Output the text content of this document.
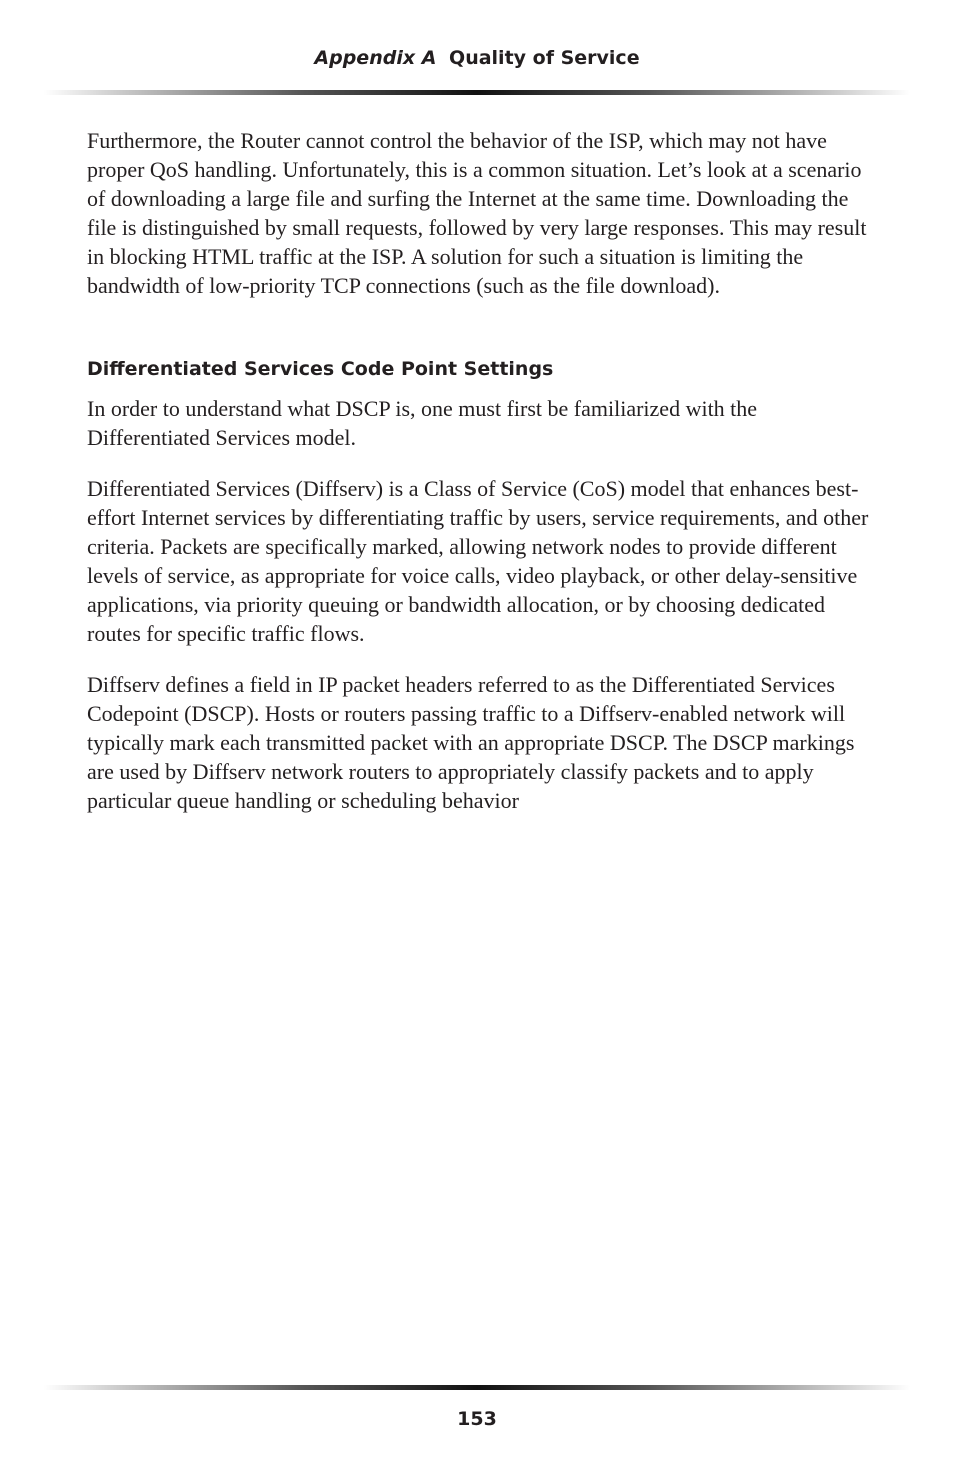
Appendix A Quality of Service

Furthermore, the Router cannot control the behavior of the ISP, which may not have proper QoS handling. Unfortunately, this is a common situation. Let’s look at a scenario of downloading a large file and surfing the Internet at the same time. Downloading the file is distinguished by small requests, followed by very large responses. This may result in blocking HTML traffic at the ISP. A solution for such a situation is limiting the bandwidth of low-priority TCP connections (such as the file download).

Differentiated Services Code Point Settings

In order to understand what DSCP is, one must first be familiarized with the Differentiated Services model.

Differentiated Services (Diffserv) is a Class of Service (CoS) model that enhances best-effort Internet services by differentiating traffic by users, service requirements, and other criteria. Packets are specifically marked, allowing network nodes to provide different levels of service, as appropriate for voice calls, video playback, or other delay-sensitive applications, via priority queuing or bandwidth allocation, or by choosing dedicated routes for specific traffic flows.

Diffserv defines a field in IP packet headers referred to as the Differentiated Services Codepoint (DSCP). Hosts or routers passing traffic to a Diffserv-enabled network will typically mark each transmitted packet with an appropriate DSCP. The DSCP markings are used by Diffserv network routers to appropriately classify packets and to apply particular queue handling or scheduling behavior

153
